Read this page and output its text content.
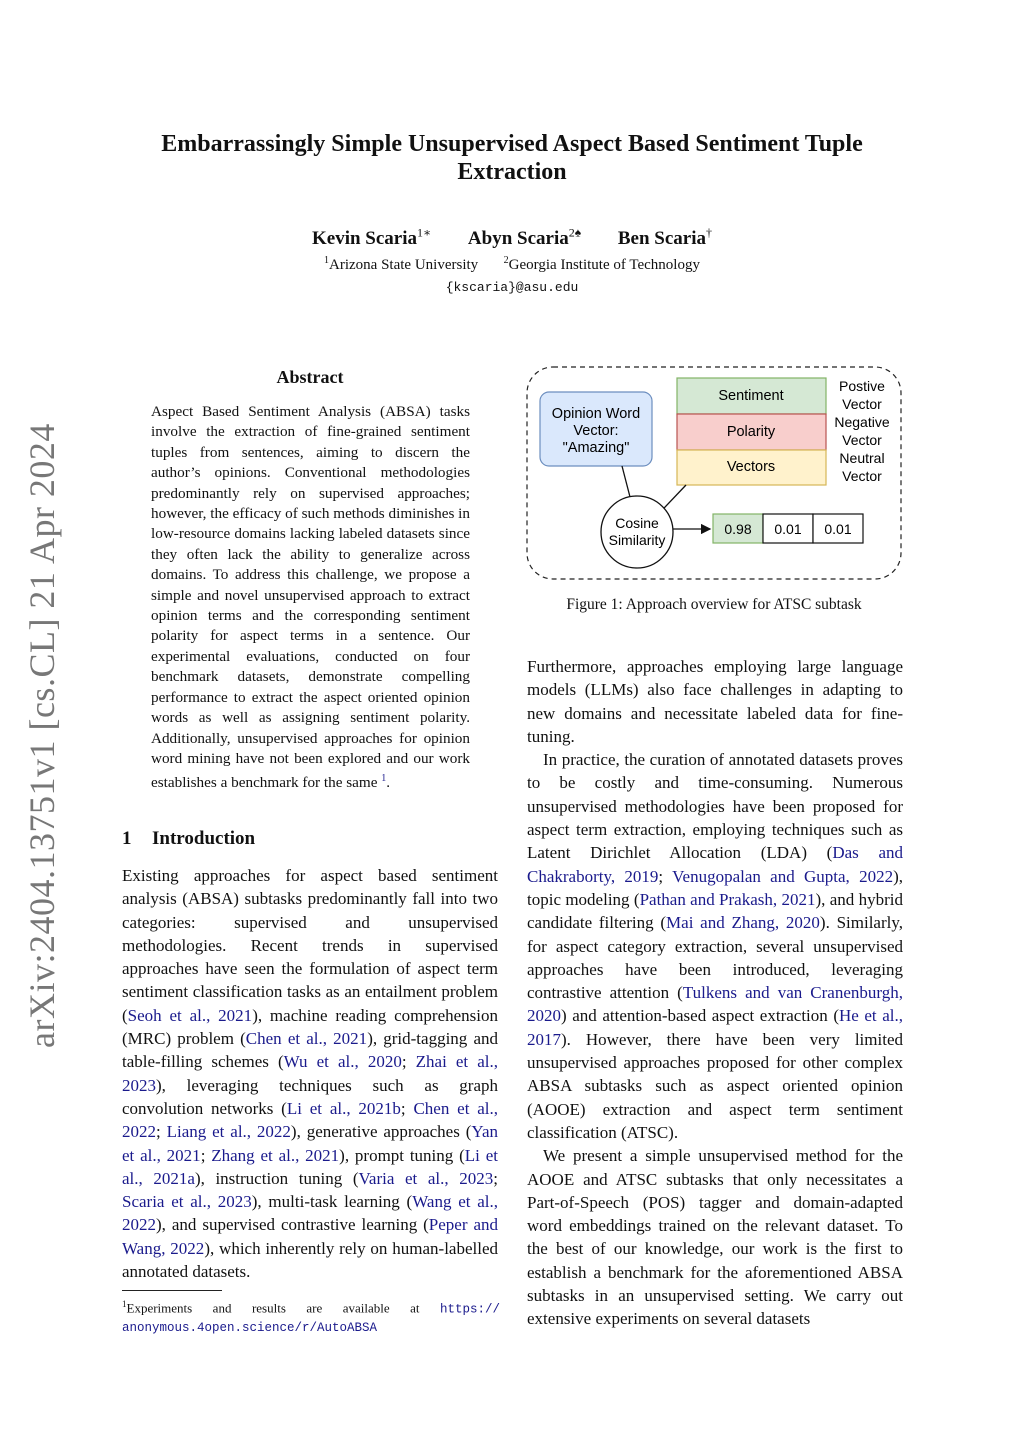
arXiv:2404.13751v1 [cs.CL] 21 Apr 2024
Embarrassingly Simple Unsupervised Aspect Based Sentiment Tuple Extraction
Kevin Scaria$^{1∗}$ Abyn Scaria$^{2♠}$ Ben Scaria†
$^1$Arizona State University	$^2$Georgia Institute of Technology
{kscaria}@asu.edu
Abstract
Aspect Based Sentiment Analysis (ABSA) tasks involve the extraction of fine-grained sentiment tuples from sentences, aiming to discern the author’s opinions. Conventional methodologies predominantly rely on supervised approaches; however, the efficacy of such methods diminishes in low-resource domains lacking labeled datasets since they often lack the ability to generalize across domains. To address this challenge, we propose a simple and novel unsupervised approach to extract opinion terms and the corresponding sentiment polarity for aspect terms in a sentence. Our experimental evaluations, conducted on four benchmark datasets, demonstrate compelling performance to extract the aspect oriented opinion words as well as assigning sentiment polarity. Additionally, unsupervised approaches for opinion word mining have not been explored and our work establishes a benchmark for the same $^1$.
1 Introduction
Existing approaches for aspect based sentiment analysis (ABSA) subtasks predominantly fall into two categories: supervised and unsupervised methodologies. Recent trends in supervised approaches have seen the formulation of aspect term sentiment classification tasks as an entailment problem (Seoh et al., 2021), machine reading comprehension (MRC) problem (Chen et al., 2021), grid-tagging and table-filling schemes (Wu et al., 2020; Zhai et al., 2023), leveraging techniques such as graph convolution networks (Li et al., 2021b; Chen et al., 2022; Liang et al., 2022), generative approaches (Yan et al., 2021; Zhang et al., 2021), prompt tuning (Li et al., 2021a), instruction tuning (Varia et al., 2023; Scaria et al., 2023), multi-task learning (Wang et al., 2022), and supervised contrastive learning (Peper and Wang, 2022), which inherently rely on human-labelled annotated datasets.
$^1$Experiments and results are available at https:// anonymous.4open.science/r/AutoABSA
Opinion Word
Vector:
"Amazing"
Sentiment
Polarity
Vectors
Postive
Vector
Negative
Vector
Neutral
Vector
Cosine
Similarity
0.98 0.01 0.01
Figure 1: Approach overview for ATSC subtask

Furthermore, approaches employing large language models (LLMs) also face challenges in adapting to new domains and necessitate labeled data for fine-tuning.

In practice, the curation of annotated datasets proves to be costly and time-consuming. Numerous unsupervised methodologies have been proposed for aspect term extraction, employing techniques such as Latent Dirichlet Allocation (LDA) (Das and Chakraborty, 2019; Venugopalan and Gupta, 2022), topic modeling (Pathan and Prakash, 2021), and hybrid candidate filtering (Mai and Zhang, 2020). Similarly, for aspect category extraction, several unsupervised approaches have been introduced, leveraging contrastive attention (Tulkens and van Cranenburgh, 2020) and attention-based aspect extraction (He et al., 2017). However, there have been very limited unsupervised approaches proposed for other complex ABSA subtasks such as aspect oriented opinion (AOOE) extraction and aspect term sentiment classification (ATSC).

We present a simple unsupervised method for the AOOE and ATSC subtasks that only necessitates a Part-of-Speech (POS) tagger and domain-adapted word embeddings trained on the relevant dataset. To the best of our knowledge, our work is the first to establish a benchmark for the aforementioned ABSA subtasks in an unsupervised setting. We carry out extensive experiments on several datasets
